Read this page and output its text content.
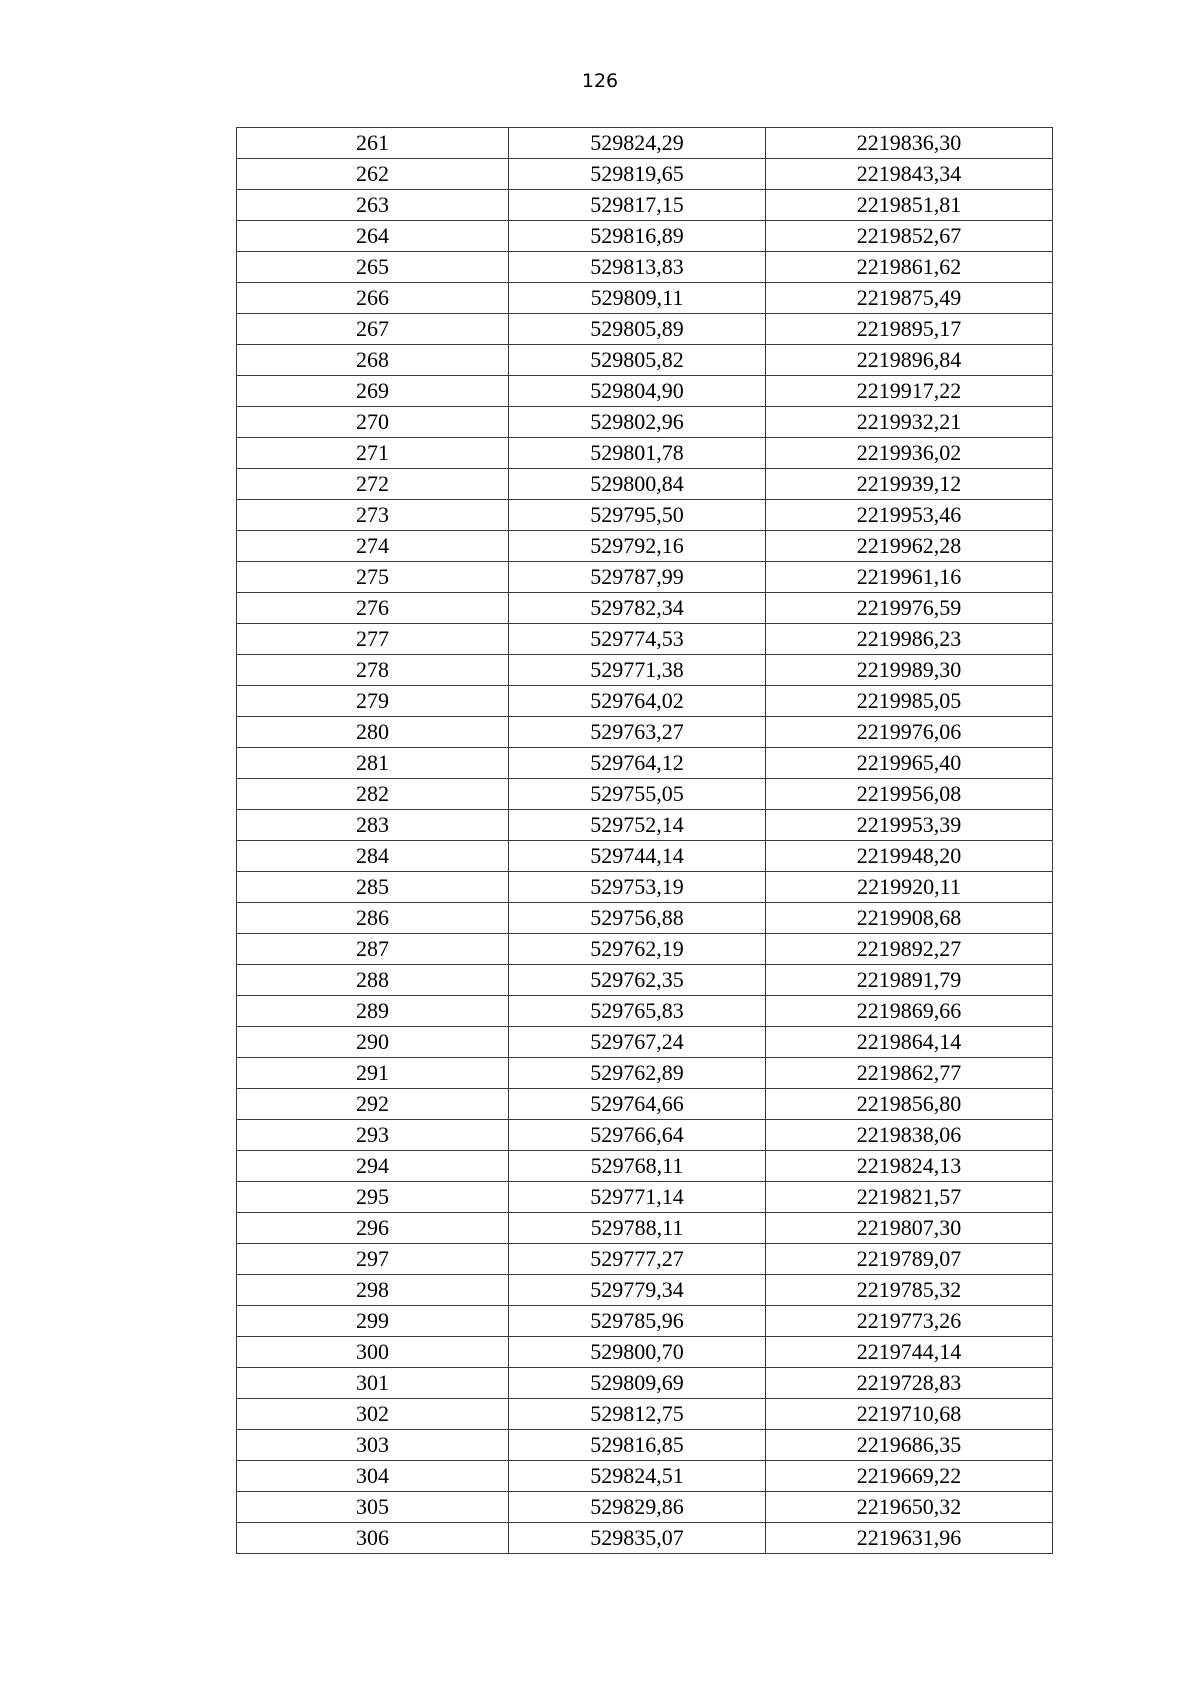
126
261	529824,29	2219836,30
262	529819,65	2219843,34
263	529817,15	2219851,81
264	529816,89	2219852,67
265	529813,83	2219861,62
266	529809,11	2219875,49
267	529805,89	2219895,17
268	529805,82	2219896,84
269	529804,90	2219917,22
270	529802,96	2219932,21
271	529801,78	2219936,02
272	529800,84	2219939,12
273	529795,50	2219953,46
274	529792,16	2219962,28
275	529787,99	2219961,16
276	529782,34	2219976,59
277	529774,53	2219986,23
278	529771,38	2219989,30
279	529764,02	2219985,05
280	529763,27	2219976,06
281	529764,12	2219965,40
282	529755,05	2219956,08
283	529752,14	2219953,39
284	529744,14	2219948,20
285	529753,19	2219920,11
286	529756,88	2219908,68
287	529762,19	2219892,27
288	529762,35	2219891,79
289	529765,83	2219869,66
290	529767,24	2219864,14
291	529762,89	2219862,77
292	529764,66	2219856,80
293	529766,64	2219838,06
294	529768,11	2219824,13
295	529771,14	2219821,57
296	529788,11	2219807,30
297	529777,27	2219789,07
298	529779,34	2219785,32
299	529785,96	2219773,26
300	529800,70	2219744,14
301	529809,69	2219728,83
302	529812,75	2219710,68
303	529816,85	2219686,35
304	529824,51	2219669,22
305	529829,86	2219650,32
306	529835,07	2219631,96
